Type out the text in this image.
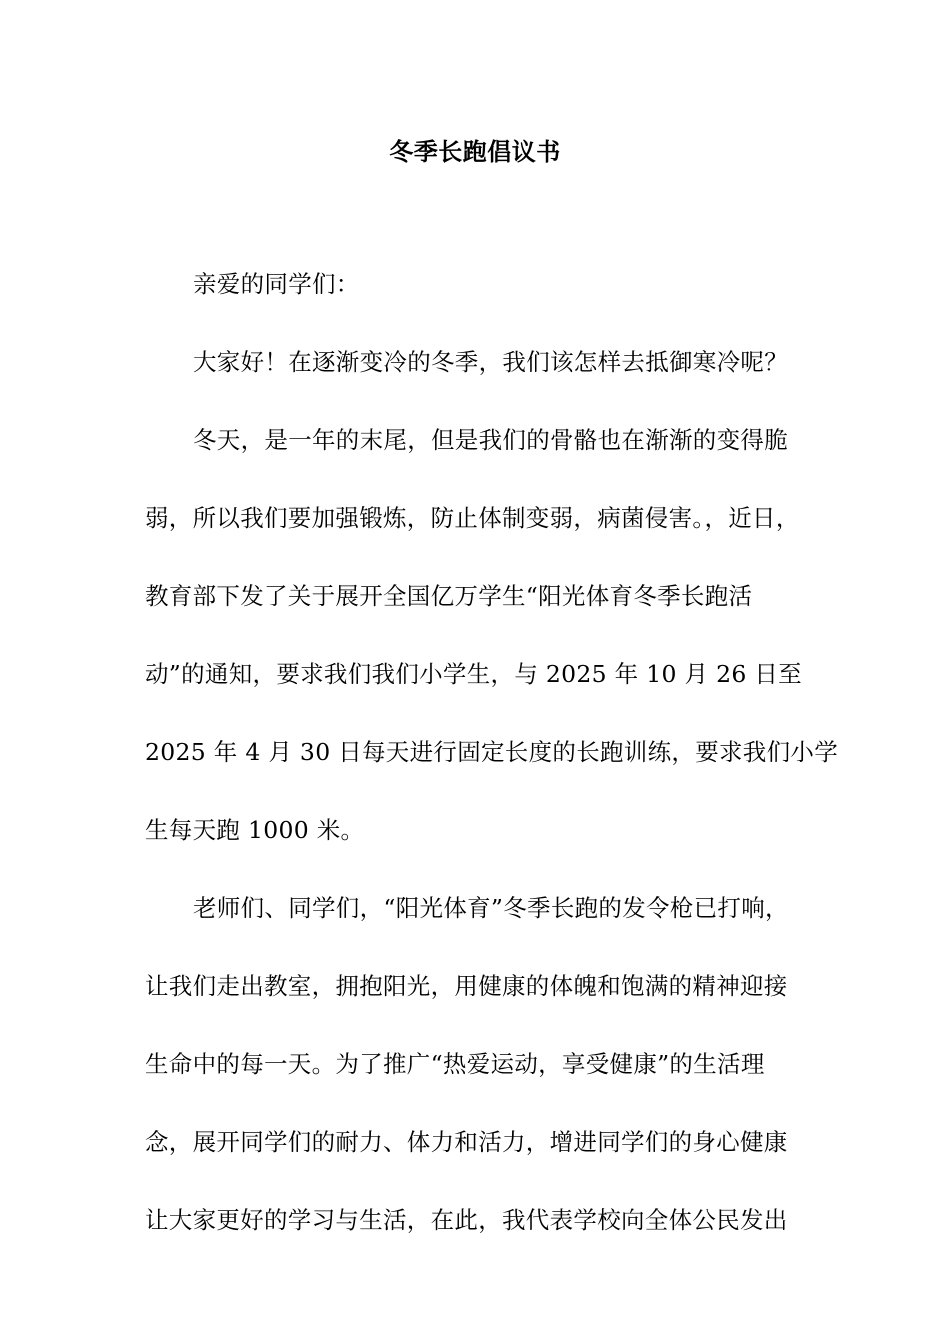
冬季长跑倡议书
亲爱的同学们：
大家好！在逐渐变冷的冬季，我们该怎样去抵御寒冷呢？
冬天，是一年的末尾，但是我们的骨骼也在渐渐的变得脆
弱，所以我们要加强锻炼，防止体制变弱，病菌侵害。，近日，
教育部下发了关于展开全国亿万学生“阳光体育冬季长跑活
动”的通知，要求我们我们小学生，与 2025 年 10 月 26 日至
2025 年 4 月 30 日每天进行固定长度的长跑训练，要求我们小学
生每天跑 1000 米。
老师们、同学们，“阳光体育”冬季长跑的发令枪已打响，
让我们走出教室，拥抱阳光，用健康的体魄和饱满的精神迎接
生命中的每一天。为了推广“热爱运动，享受健康”的生活理
念，展开同学们的耐力、体力和活力，增进同学们的身心健康
让大家更好的学习与生活，在此，我代表学校向全体公民发出
